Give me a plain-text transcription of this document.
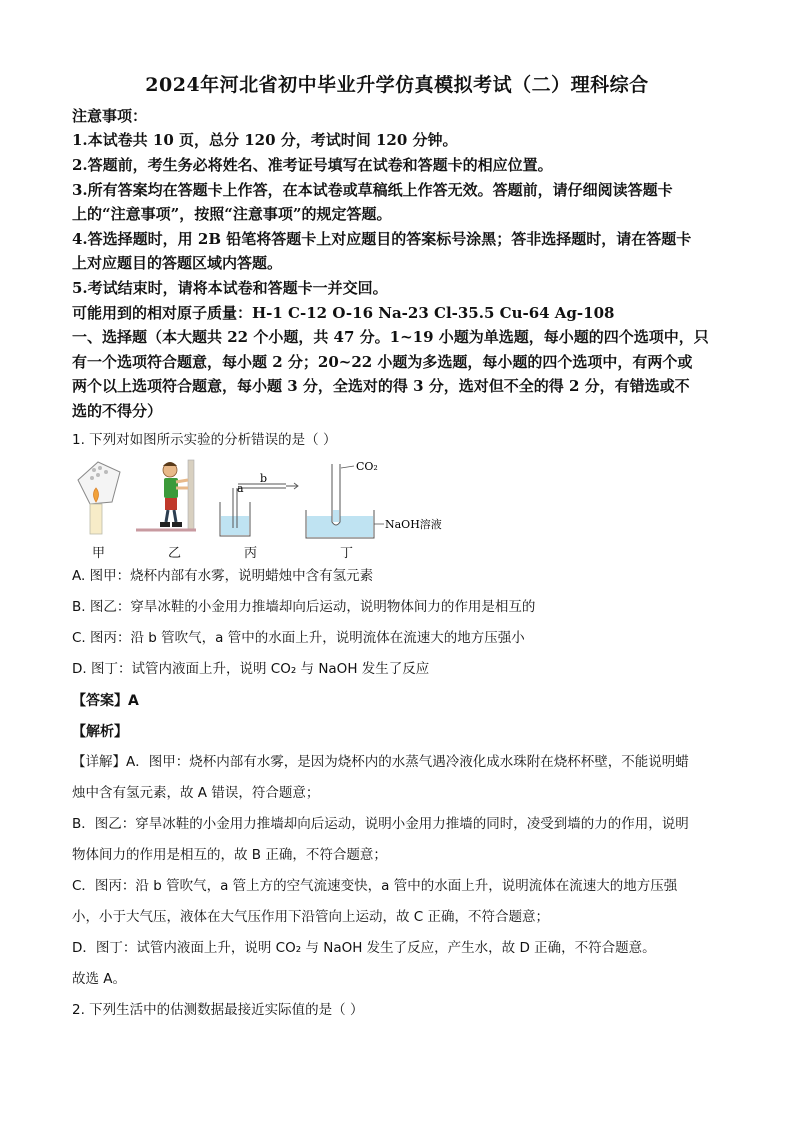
2024年河北省初中毕业升学仿真模拟考试（二）理科综合
注意事项：
1.本试卷共 10 页，总分 120 分，考试时间 120 分钟。
2.答题前，考生务必将姓名、准考证号填写在试卷和答题卡的相应位置。
3.所有答案均在答题卡上作答，在本试卷或草稿纸上作答无效。答题前，请仔细阅读答题卡
上的“注意事项”，按照“注意事项”的规定答题。
4.答选择题时，用 2B 铅笔将答题卡上对应题目的答案标号涂黑；答非选择题时，请在答题卡
上对应题目的答题区域内答题。
5.考试结束时，请将本试卷和答题卡一并交回。
可能用到的相对原子质量：H-1 C-12 O-16 Na-23 Cl-35.5 Cu-64 Ag-108
一、选择题（本大题共 22 个小题，共 47 分。1~19 小题为单选题，每小题的四个选项中，只
有一个选项符合题意，每小题 2 分；20~22 小题为多选题，每小题的四个选项中，有两个或
两个以上选项符合题意，每小题 3 分，全选对的得 3 分，选对但不全的得 2 分，有错选或不
选的不得分）
1. 下列对如图所示实验的分析错误的是（ ）
a
b
CO₂
NaOH溶液
甲	乙	丙	丁
A. 图甲：烧杯内部有水雾，说明蜡烛中含有氢元素
B. 图乙：穿旱冰鞋的小金用力推墙却向后运动，说明物体间力的作用是相互的
C. 图丙：沿 b 管吹气，a 管中的水面上升，说明流体在流速大的地方压强小
D. 图丁：试管内液面上升，说明 CO₂ 与 NaOH 发生了反应
【答案】A
【解析】
【详解】A．图甲：烧杯内部有水雾，是因为烧杯内的水蒸气遇冷液化成水珠附在烧杯杯壁，不能说明蜡
烛中含有氢元素，故 A 错误，符合题意；
B．图乙：穿旱冰鞋的小金用力推墙却向后运动，说明小金用力推墙的同时，凌受到墙的力的作用，说明
物体间力的作用是相互的，故 B 正确，不符合题意；
C．图丙：沿 b 管吹气，a 管上方的空气流速变快，a 管中的水面上升，说明流体在流速大的地方压强
小，小于大气压，液体在大气压作用下沿管向上运动，故 C 正确，不符合题意；
D．图丁：试管内液面上升，说明 CO₂ 与 NaOH 发生了反应，产生水，故 D 正确，不符合题意。
故选 A。
2. 下列生活中的估测数据最接近实际值的是（ ）
